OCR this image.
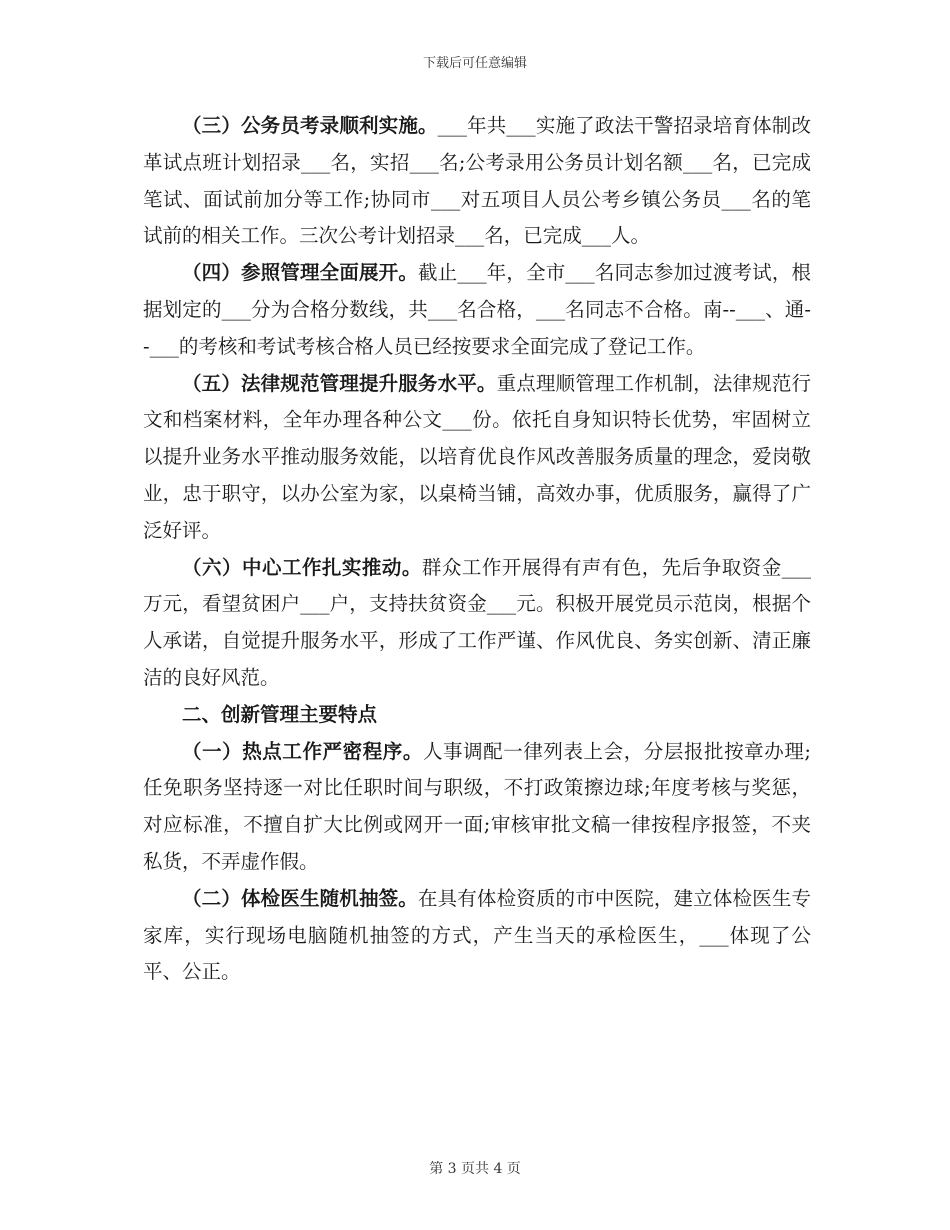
下载后可任意编辑

（三）公务员考录顺利实施。___年共___实施了政法干警招录培育体制改革试点班计划招录___名，实招___名;公考录用公务员计划名额___名，已完成笔试、面试前加分等工作;协同市___对五项目人员公考乡镇公务员___名的笔试前的相关工作。三次公考计划招录___名，已完成___人。

（四）参照管理全面展开。截止___年，全市___名同志参加过渡考试，根据划定的___分为合格分数线，共___名合格，___名同志不合格。南--___、通--___的考核和考试考核合格人员已经按要求全面完成了登记工作。

（五）法律规范管理提升服务水平。重点理顺管理工作机制，法律规范行文和档案材料，全年办理各种公文___份。依托自身知识特长优势，牢固树立以提升业务水平推动服务效能，以培育优良作风改善服务质量的理念，爱岗敬业，忠于职守，以办公室为家，以桌椅当铺，高效办事，优质服务，赢得了广泛好评。

（六）中心工作扎实推动。群众工作开展得有声有色，先后争取资金___万元，看望贫困户___户，支持扶贫资金___元。积极开展党员示范岗，根据个人承诺，自觉提升服务水平，形成了工作严谨、作风优良、务实创新、清正廉洁的良好风范。

二、创新管理主要特点

（一）热点工作严密程序。人事调配一律列表上会，分层报批按章办理;任免职务坚持逐一对比任职时间与职级，不打政策擦边球;年度考核与奖惩，对应标准，不擅自扩大比例或网开一面;审核审批文稿一律按程序报签，不夹私货，不弄虚作假。

（二）体检医生随机抽签。在具有体检资质的市中医院，建立体检医生专家库，实行现场电脑随机抽签的方式，产生当天的承检医生，___体现了公平、公正。

第 3 页共 4 页
